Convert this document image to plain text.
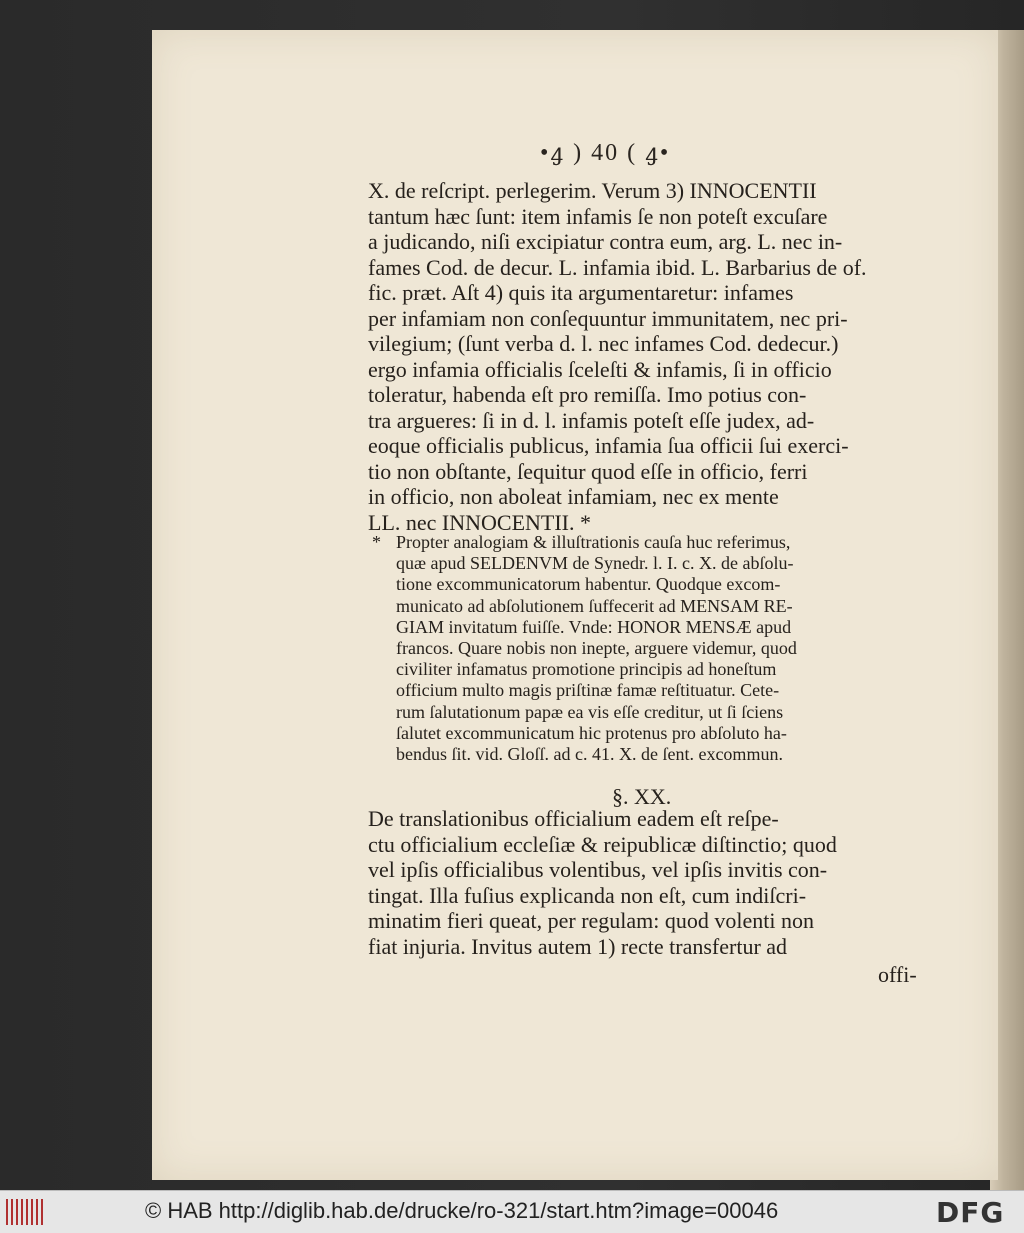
•ꜭ ) 40 ( ꜭ•
X. de reſcript. perlegerim. Verum 3) INNOCENTII
tantum hæc ſunt: item infamis ſe non poteſt excuſare
a judicando, niſi excipiatur contra eum, arg. L. nec in-
fames Cod. de decur. L. infamia ibid. L. Barbarius de of.
fic. præt. Aſt 4) quis ita argumentaretur: infames
per infamiam non conſequuntur immunitatem, nec pri-
vilegium; (ſunt verba d. l. nec infames Cod. dedecur.)
ergo infamia officialis ſceleſti & infamis, ſi in officio
toleratur, habenda eſt pro remiſſa. Imo potius con-
tra argueres: ſi in d. l. infamis poteſt eſſe judex, ad-
eoque officialis publicus, infamia ſua officii ſui exerci-
tio non obſtante, ſequitur quod eſſe in officio, ferri
in officio, non aboleat infamiam, nec ex mente
LL. nec INNOCENTII. *
* Propter analogiam & illuſtrationis cauſa huc referimus,
quæ apud SELDENVM de Synedr. l. I. c. X. de abſolu-
tione excommunicatorum habentur. Quodque excom-
municato ad abſolutionem ſuffecerit ad MENSAM RE-
GIAM invitatum fuiſſe. Vnde: HONOR MENSÆ apud
francos. Quare nobis non inepte, arguere videmur, quod
civiliter infamatus promotione principis ad honeſtum
officium multo magis priſtinæ famæ reſtituatur. Cete-
rum ſalutationum papæ ea vis eſſe creditur, ut ſi ſciens
ſalutet excommunicatum hic protenus pro abſoluto ha-
bendus ſit. vid. Gloſſ. ad c. 41. X. de ſent. excommun.
§. XX.
De translationibus officialium eadem eſt reſpe-
ctu officialium eccleſiæ & reipublicæ diſtinctio; quod
vel ipſis officialibus volentibus, vel ipſis invitis con-
tingat. Illa fuſius explicanda non eſt, cum indiſcri-
minatim fieri queat, per regulam: quod volenti non
fiat injuria. Invitus autem 1) recte transfertur ad
offi-
© HAB http://diglib.hab.de/drucke/ro-321/start.htm?image=00046	DFG
